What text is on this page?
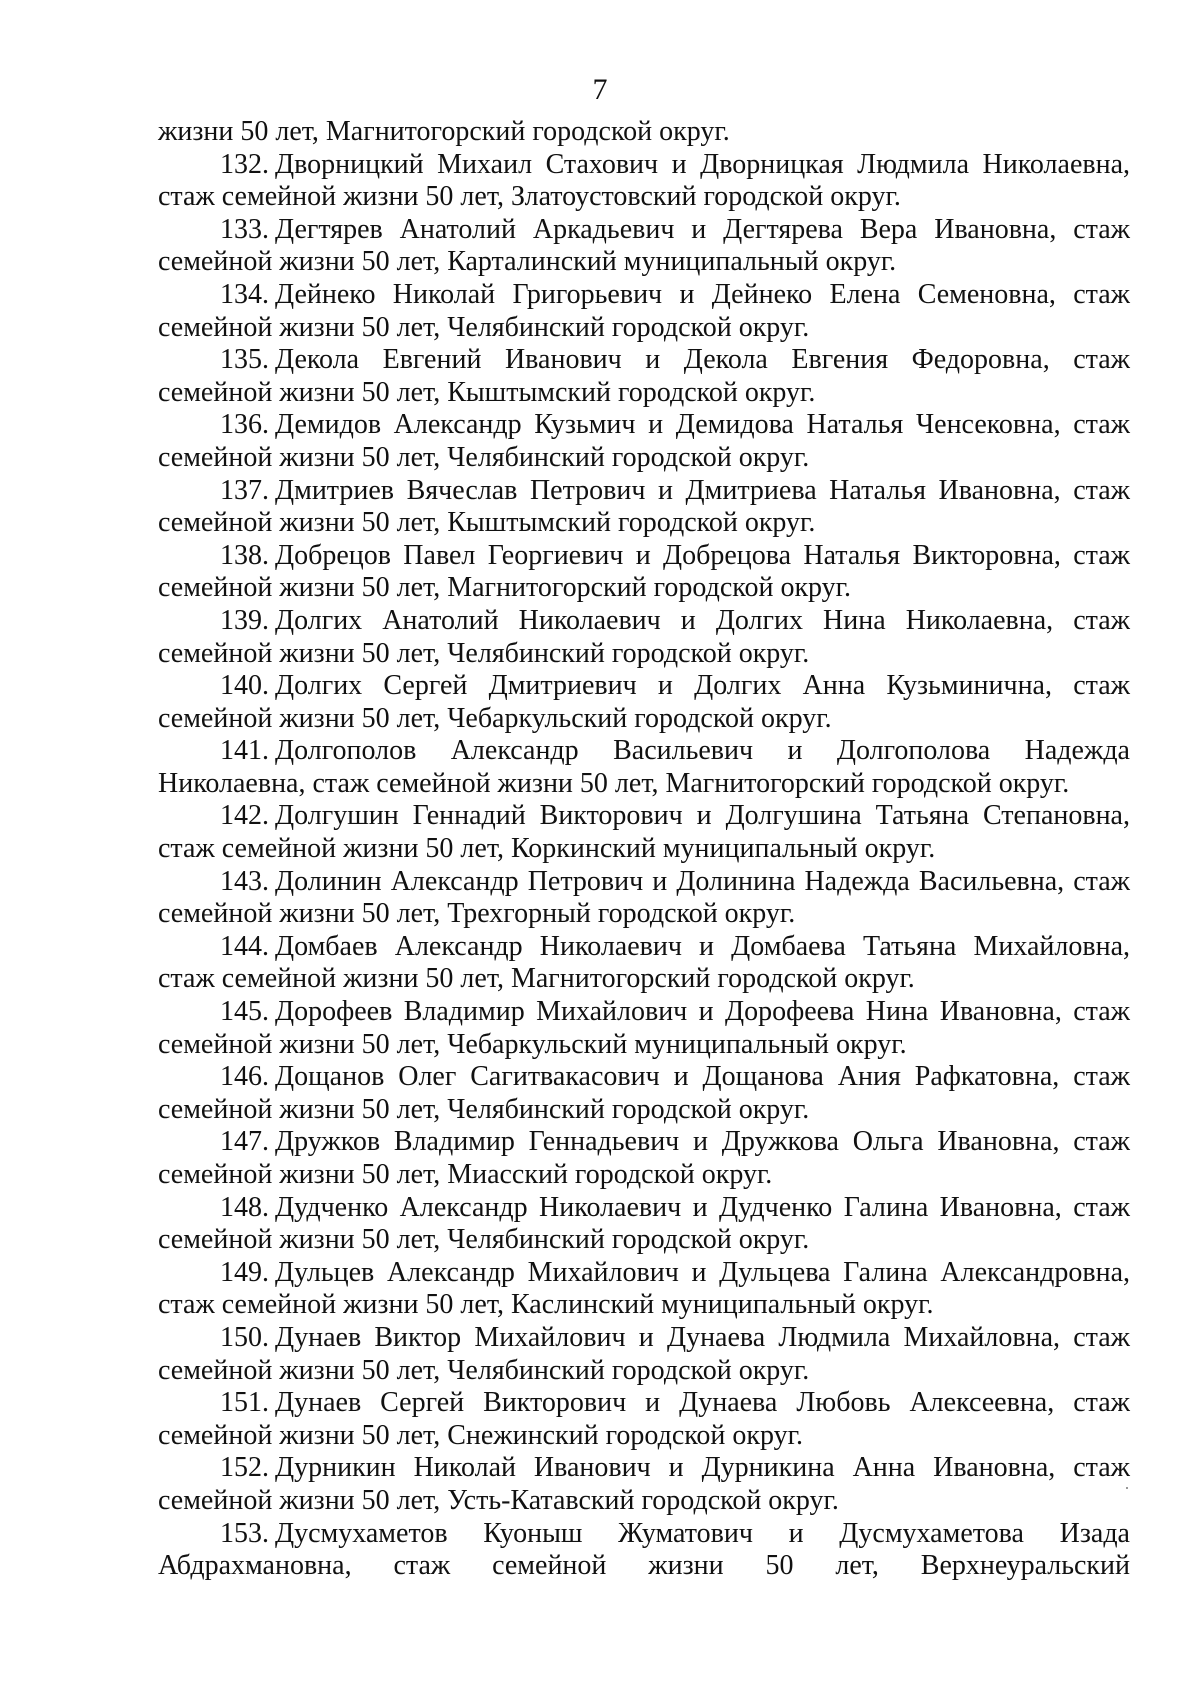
7

жизни 50 лет, Магнитогорский городской округ.

132. Дворницкий Михаил Стахович и Дворницкая Людмила Николаевна, стаж семейной жизни 50 лет, Златоустовский городской округ.

133. Дегтярев Анатолий Аркадьевич и Дегтярева Вера Ивановна, стаж семейной жизни 50 лет, Карталинский муниципальный округ.

134. Дейнеко Николай Григорьевич и Дейнеко Елена Семеновна, стаж семейной жизни 50 лет, Челябинский городской округ.

135. Декола Евгений Иванович и Декола Евгения Федоровна, стаж семейной жизни 50 лет, Кыштымский городской округ.

136. Демидов Александр Кузьмич и Демидова Наталья Ченсековна, стаж семейной жизни 50 лет, Челябинский городской округ.

137. Дмитриев Вячеслав Петрович и Дмитриева Наталья Ивановна, стаж семейной жизни 50 лет, Кыштымский городской округ.

138. Добрецов Павел Георгиевич и Добрецова Наталья Викторовна, стаж семейной жизни 50 лет, Магнитогорский городской округ.

139. Долгих Анатолий Николаевич и Долгих Нина Николаевна, стаж семейной жизни 50 лет, Челябинский городской округ.

140. Долгих Сергей Дмитриевич и Долгих Анна Кузьминична, стаж семейной жизни 50 лет, Чебаркульский городской округ.

141. Долгополов Александр Васильевич и Долгополова Надежда Николаевна, стаж семейной жизни 50 лет, Магнитогорский городской округ.

142. Долгушин Геннадий Викторович и Долгушина Татьяна Степановна, стаж семейной жизни 50 лет, Коркинский муниципальный округ.

143. Долинин Александр Петрович и Долинина Надежда Васильевна, стаж семейной жизни 50 лет, Трехгорный городской округ.

144. Домбаев Александр Николаевич и Домбаева Татьяна Михайловна, стаж семейной жизни 50 лет, Магнитогорский городской округ.

145. Дорофеев Владимир Михайлович и Дорофеева Нина Ивановна, стаж семейной жизни 50 лет, Чебаркульский муниципальный округ.

146. Дощанов Олег Сагитвакасович и Дощанова Ания Рафкатовна, стаж семейной жизни 50 лет, Челябинский городской округ.

147. Дружков Владимир Геннадьевич и Дружкова Ольга Ивановна, стаж семейной жизни 50 лет, Миасский городской округ.

148. Дудченко Александр Николаевич и Дудченко Галина Ивановна, стаж семейной жизни 50 лет, Челябинский городской округ.

149. Дульцев Александр Михайлович и Дульцева Галина Александровна, стаж семейной жизни 50 лет, Каслинский муниципальный округ.

150. Дунаев Виктор Михайлович и Дунаева Людмила Михайловна, стаж семейной жизни 50 лет, Челябинский городской округ.

151. Дунаев Сергей Викторович и Дунаева Любовь Алексеевна, стаж семейной жизни 50 лет, Снежинский городской округ.

152. Дурникин Николай Иванович и Дурникина Анна Ивановна, стаж семейной жизни 50 лет, Усть-Катавский городской округ.

153. Дусмухаметов Куоныш Жуматович и Дусмухаметова Изада Абдрахмановна, стаж семейной жизни 50 лет, Верхнеуральский
